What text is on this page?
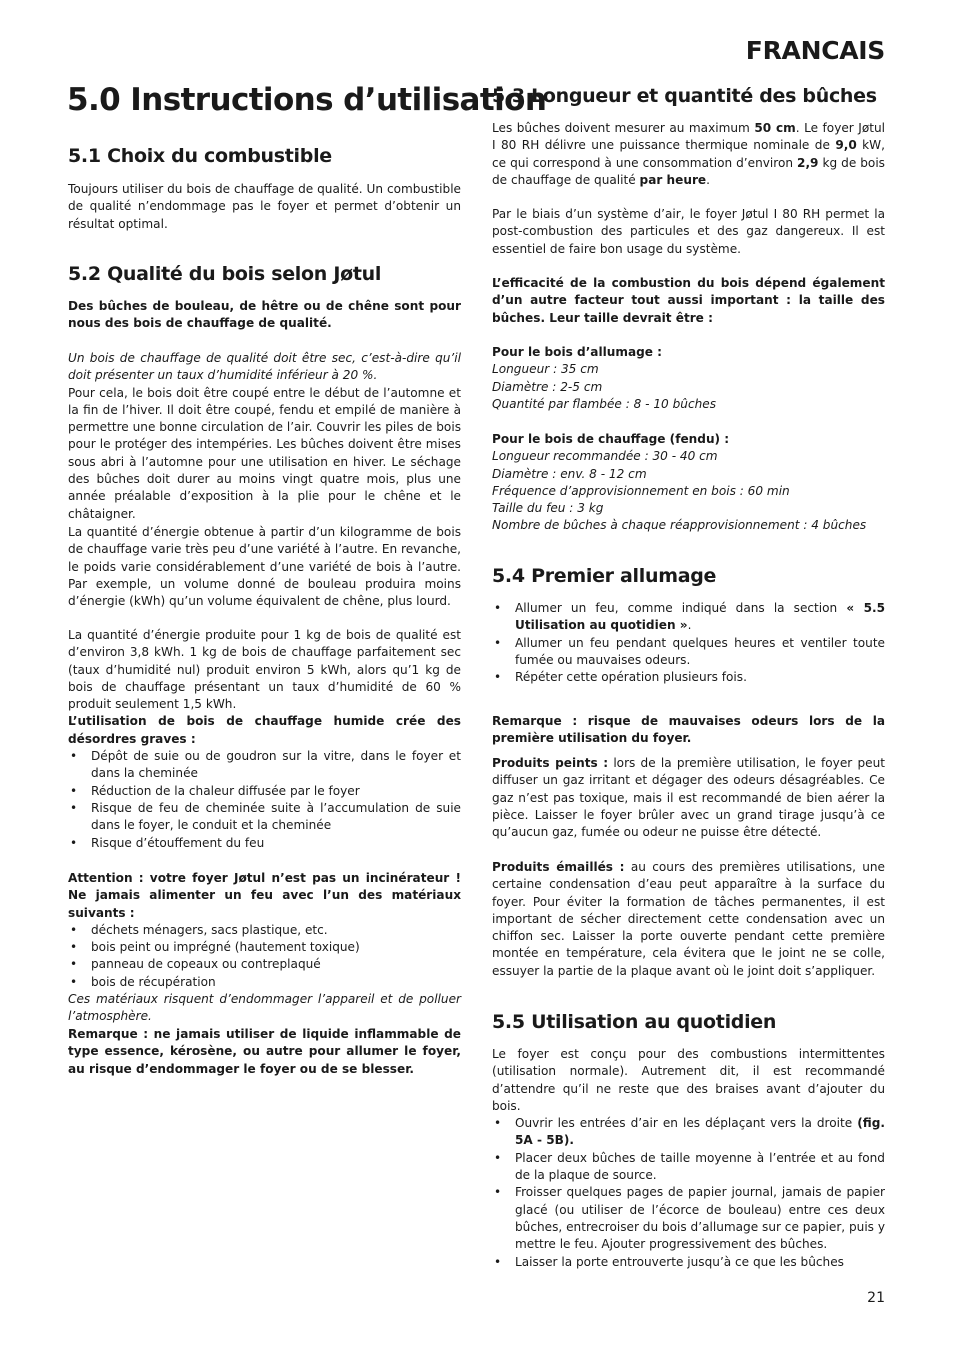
FRANCAIS
5.0 Instructions d’utilisation
5.1 Choix du combustible

Toujours utiliser du bois de chauffage de qualité. Un combustible de qualité n’endommage pas le foyer et permet d’obtenir un résultat optimal.

5.2 Qualité du bois selon Jøtul

Des bûches de bouleau, de hêtre ou de chêne sont pour nous des bois de chauffage de qualité.

Un bois de chauffage de qualité doit être sec, c’est-à-dire qu’il doit présenter un taux d’humidité inférieur à 20 %.

Pour cela, le bois doit être coupé entre le début de l’automne et la fin de l’hiver. Il doit être coupé, fendu et empilé de manière à permettre une bonne circulation de l’air. Couvrir les piles de bois pour le protéger des intempéries. Les bûches doivent être mises sous abri à l’automne pour une utilisation en hiver. Le séchage des bûches doit durer au moins vingt quatre mois, plus une année préalable d’exposition à la plie pour le chêne et le châtaigner.

La quantité d’énergie obtenue à partir d’un kilogramme de bois de chauffage varie très peu d’une variété à l’autre. En revanche, le poids varie considérablement d’une variété de bois à l’autre. Par exemple, un volume donné de bouleau produira moins d’énergie (kWh) qu’un volume équivalent de chêne, plus lourd.

La quantité d’énergie produite pour 1 kg de bois de qualité est d’environ 3,8 kWh. 1 kg de bois de chauffage parfaitement sec (taux d’humidité nul) produit environ 5 kWh, alors qu’1 kg de bois de chauffage présentant un taux d’humidité de 60 % produit seulement 1,5 kWh.

L’utilisation de bois de chauffage humide crée des désordres graves :

• Dépôt de suie ou de goudron sur la vitre, dans le foyer et dans la cheminée
• Réduction de la chaleur diffusée par le foyer
• Risque de feu de cheminée suite à l’accumulation de suie dans le foyer, le conduit et la cheminée
• Risque d’étouffement du feu

Attention : votre foyer Jøtul n’est pas un incinérateur ! Ne jamais alimenter un feu avec l’un des matériaux suivants :

• déchets ménagers, sacs plastique, etc.
• bois peint ou imprégné (hautement toxique)
• panneau de copeaux ou contreplaqué
• bois de récupération

Ces matériaux risquent d’endommager l’appareil et de polluer l’atmosphère.

Remarque : ne jamais utiliser de liquide inflammable de type essence, kérosène, ou autre pour allumer le foyer, au risque d’endommager le foyer ou de se blesser.

5.3 Longueur et quantité des bûches

Les bûches doivent mesurer au maximum 50 cm. Le foyer Jøtul I 80 RH délivre une puissance thermique nominale de 9,0 kW, ce qui correspond à une consommation d’environ 2,9 kg de bois de chauffage de qualité par heure.

Par le biais d’un système d’air, le foyer Jøtul I 80 RH permet la post-combustion des particules et des gaz dangereux. Il est essentiel de faire bon usage du système.

L’efficacité de la combustion du bois dépend également d’un autre facteur tout aussi important : la taille des bûches. Leur taille devrait être :

Pour le bois d’allumage :

Longueur : 35 cm

Diamètre : 2-5 cm

Quantité par flambée : 8 - 10 bûches

Pour le bois de chauffage (fendu) :

Longueur recommandée : 30 - 40 cm

Diamètre : env. 8 - 12 cm

Fréquence d’approvisionnement en bois : 60 min

Taille du feu : 3 kg

Nombre de bûches à chaque réapprovisionnement : 4 bûches

5.4 Premier allumage
• Allumer un feu, comme indiqué dans la section « 5.5 Utilisation au quotidien ».
• Allumer un feu pendant quelques heures et ventiler toute fumée ou mauvaises odeurs.
• Répéter cette opération plusieurs fois.

Remarque : risque de mauvaises odeurs lors de la première utilisation du foyer.

Produits peints : lors de la première utilisation, le foyer peut diffuser un gaz irritant et dégager des odeurs désagréables. Ce gaz n’est pas toxique, mais il est recommandé de bien aérer la pièce. Laisser le foyer brûler avec un grand tirage jusqu’à ce qu’aucun gaz, fumée ou odeur ne puisse être détecté.

Produits émaillés : au cours des premières utilisations, une certaine condensation d’eau peut apparaître à la surface du foyer. Pour éviter la formation de tâches permanentes, il est important de sécher directement cette condensation avec un chiffon sec. Laisser la porte ouverte pendant cette première montée en température, cela évitera que le joint ne se colle, essuyer la partie de la plaque avant où le joint doit s’appliquer.

5.5 Utilisation au quotidien

Le foyer est conçu pour des combustions intermittentes (utilisation normale). Autrement dit, il est recommandé d’attendre qu’il ne reste que des braises avant d’ajouter du bois.

• Ouvrir les entrées d’air en les déplaçant vers la droite (fig. 5A - 5B).
• Placer deux bûches de taille moyenne à l’entrée et au fond de la plaque de source.
• Froisser quelques pages de papier journal, jamais de papier glacé (ou utiliser de l’écorce de bouleau) entre ces deux bûches, entrecroiser du bois d’allumage sur ce papier, puis y mettre le feu. Ajouter progressivement des bûches.
• Laisser la porte entrouverte jusqu’à ce que les bûches
21
